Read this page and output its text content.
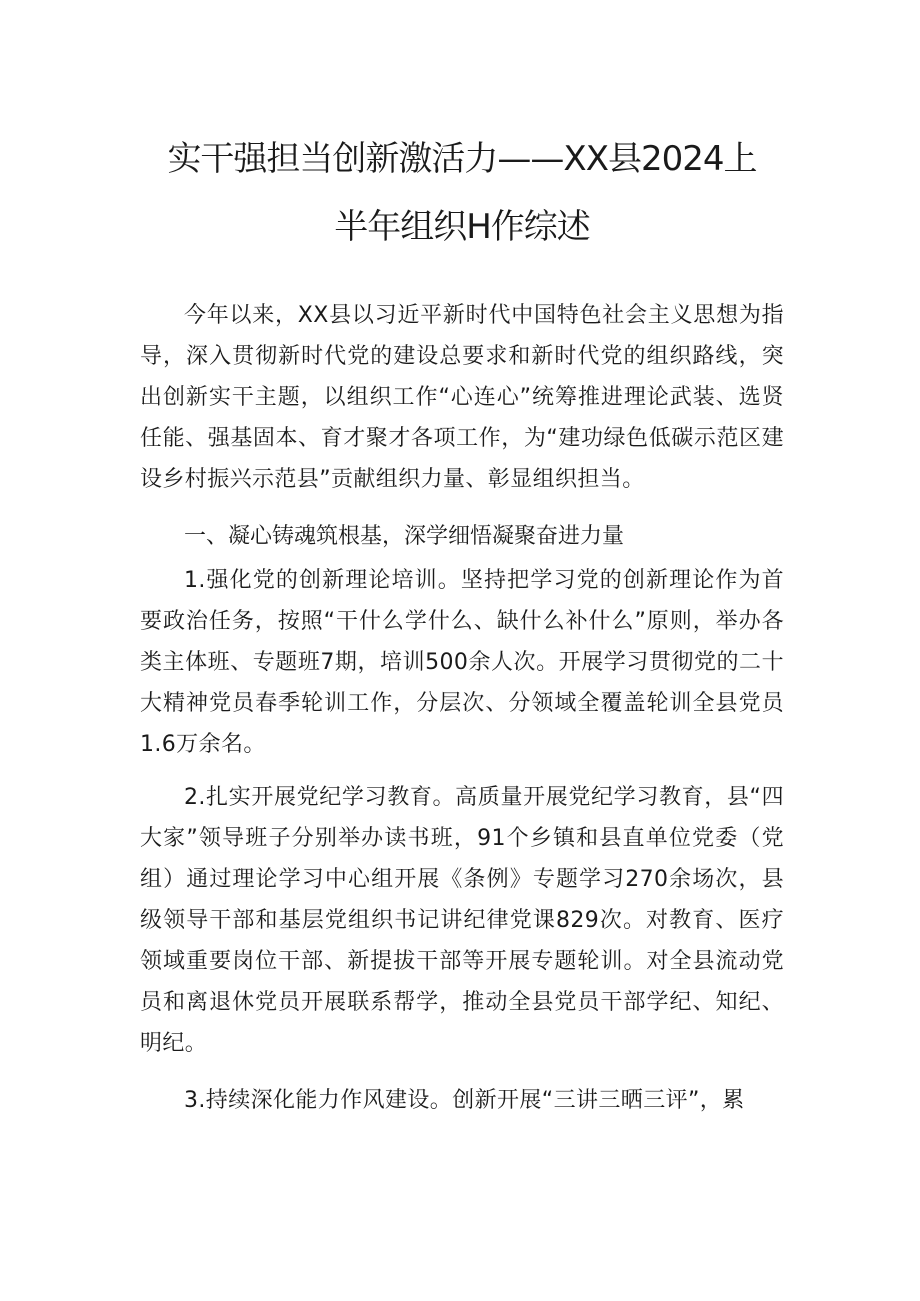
实干强担当创新激活力——XX县2024上
半年组织H作综述

今年以来，XX县以习近平新时代中国特色社会主义思想为指导，深入贯彻新时代党的建设总要求和新时代党的组织路线，突出创新实干主题，以组织工作“心连心”统筹推进理论武装、选贤任能、强基固本、育才聚才各项工作，为“建功绿色低碳示范区建设乡村振兴示范县”贡献组织力量、彰显组织担当。

一、凝心铸魂筑根基，深学细悟凝聚奋进力量

1.强化党的创新理论培训。坚持把学习党的创新理论作为首要政治任务，按照“干什么学什么、缺什么补什么”原则，举办各类主体班、专题班7期，培训500余人次。开展学习贯彻党的二十大精神党员春季轮训工作，分层次、分领域全覆盖轮训全县党员1.6万余名。

2.扎实开展党纪学习教育。高质量开展党纪学习教育，县“四大家”领导班子分别举办读书班，91个乡镇和县直单位党委（党组）通过理论学习中心组开展《条例》专题学习270余场次，县级领导干部和基层党组织书记讲纪律党课829次。对教育、医疗领域重要岗位干部、新提拔干部等开展专题轮训。对全县流动党员和离退休党员开展联系帮学，推动全县党员干部学纪、知纪、明纪。

3.持续深化能力作风建设。创新开展“三讲三晒三评”，累
